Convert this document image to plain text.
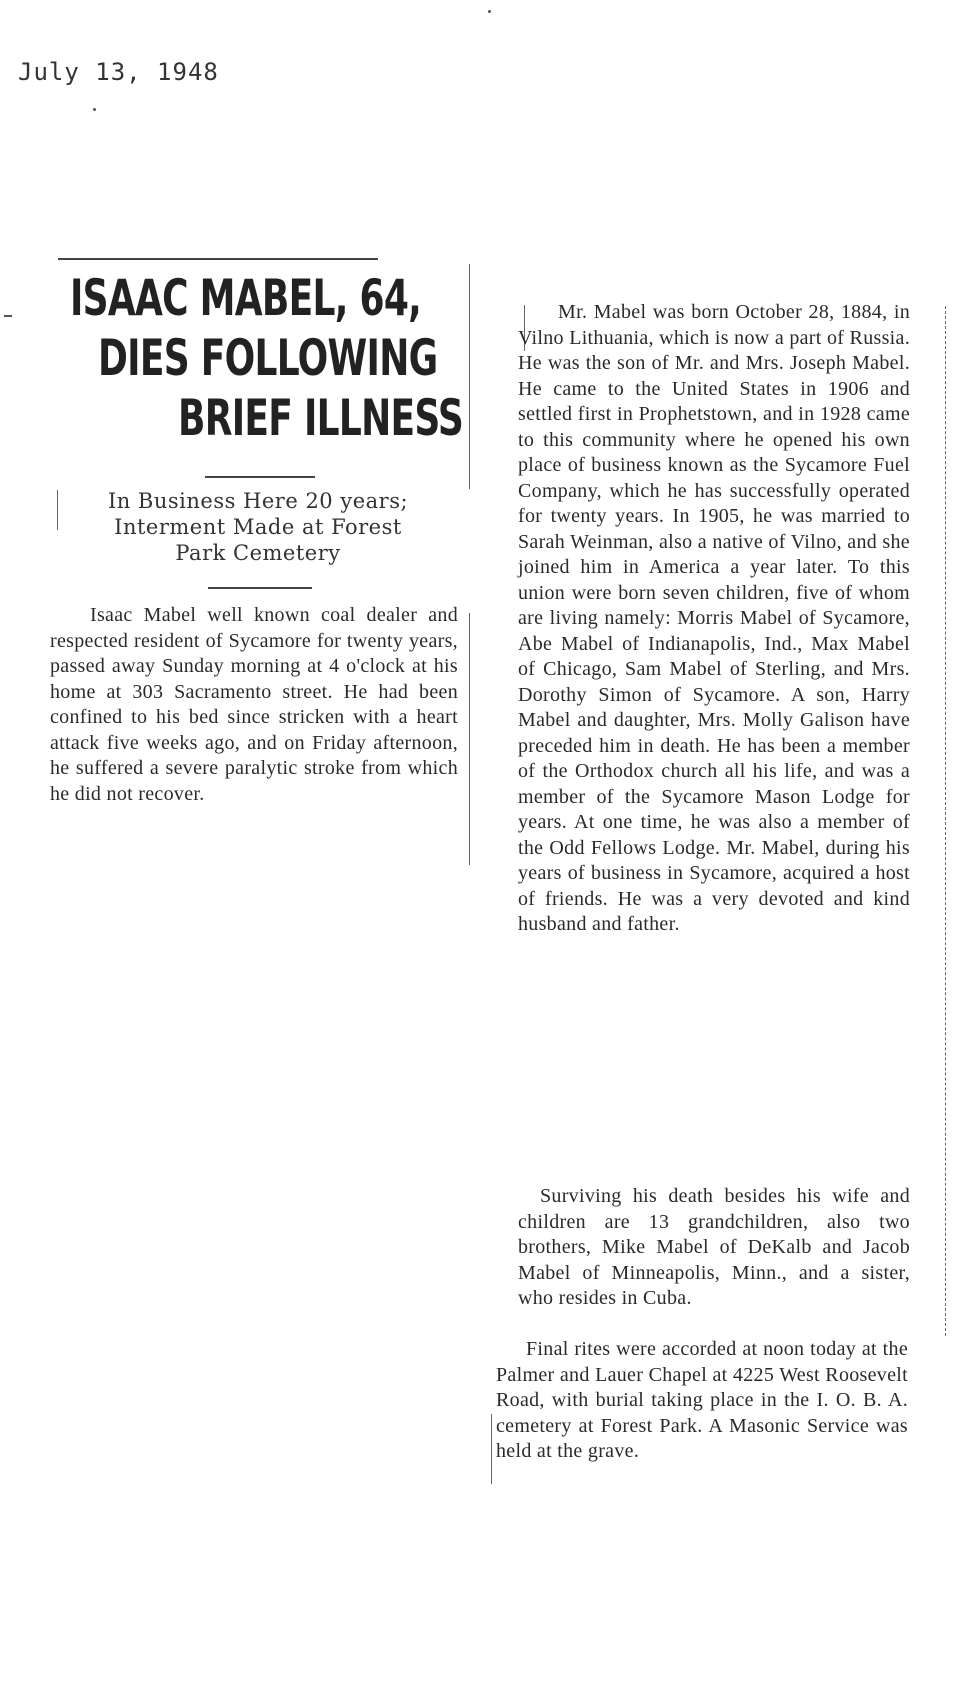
July 13, 1948
ISAAC MABEL, 64,
DIES FOLLOWING
BRIEF ILLNESS
In Business Here 20 years;
Interment Made at Forest
Park Cemetery
Isaac Mabel well known coal dealer and respected resident of Sycamore for twenty years, passed away Sunday morning at 4 o'clock at his home at 303 Sacramento street. He had been confined to his bed since stricken with a heart attack five weeks ago, and on Friday afternoon, he suffered a severe paralytic stroke from which he did not recover.
Mr. Mabel was born October 28, 1884, in Vilno Lithuania, which is now a part of Russia. He was the son of Mr. and Mrs. Joseph Mabel. He came to the United States in 1906 and settled first in Prophetstown, and in 1928 came to this community where he opened his own place of business known as the Sycamore Fuel Company, which he has successfully operated for twenty years. In 1905, he was married to Sarah Weinman, also a native of Vilno, and she joined him in America a year later. To this union were born seven children, five of whom are living namely: Morris Mabel of Sycamore, Abe Mabel of Indianapolis, Ind., Max Mabel of Chicago, Sam Mabel of Sterling, and Mrs. Dorothy Simon of Sycamore. A son, Harry Mabel and daughter, Mrs. Molly Galison have preceded him in death. He has been a member of the Orthodox church all his life, and was a member of the Sycamore Mason Lodge for years. At one time, he was also a member of the Odd Fellows Lodge. Mr. Mabel, during his years of business in Sycamore, acquired a host of friends. He was a very devoted and kind husband and father.
Surviving his death besides his wife and children are 13 grandchildren, also two brothers, Mike Mabel of DeKalb and Jacob Mabel of Minneapolis, Minn., and a sister, who resides in Cuba.
Final rites were accorded at noon today at the Palmer and Lauer Chapel at 4225 West Roosevelt Road, with burial taking place in the I. O. B. A. cemetery at Forest Park. A Masonic Service was held at the grave.
